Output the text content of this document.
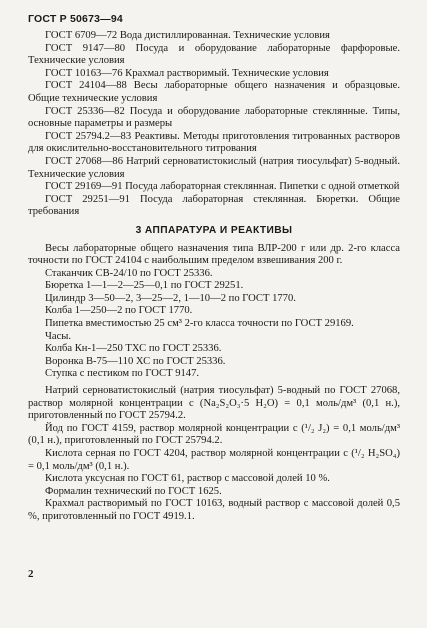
ГОСТ Р 50673—94

ГОСТ 6709—72 Вода дистиллированная. Технические условия

ГОСТ 9147—80 Посуда и оборудование лабораторные фарфоровые. Технические условия

ГОСТ 10163—76 Крахмал растворимый. Технические условия

ГОСТ 24104—88 Весы лабораторные общего назначения и образцовые. Общие технические условия

ГОСТ 25336—82 Посуда и оборудование лабораторные стеклянные. Типы, основные параметры и размеры

ГОСТ 25794.2—83 Реактивы. Методы приготовления титрованных растворов для окислительно-восстановительного титрования

ГОСТ 27068—86 Натрий серноватистокислый (натрия тиосульфат) 5-водный. Технические условия

ГОСТ 29169—91 Посуда лабораторная стеклянная. Пипетки с одной отметкой

ГОСТ 29251—91 Посуда лабораторная стеклянная. Бюретки. Общие требования

3 АППАРАТУРА И РЕАКТИВЫ

Весы лабораторные общего назначения типа ВЛР-200 г или др. 2-го класса точности по ГОСТ 24104 с наибольшим пределом взвешивания 200 г.

Стаканчик СВ-24/10 по ГОСТ 25336.

Бюретка 1—1—2—25—0,1 по ГОСТ 29251.

Цилиндр 3—50—2, 3—25—2, 1—10—2 по ГОСТ 1770.

Колба 1—250—2 по ГОСТ 1770.

Пипетка вместимостью 25 см³ 2-го класса точности по ГОСТ 29169.

Часы.

Колба Кн-1—250 ТХС по ГОСТ 25336.

Воронка В-75—110 ХС по ГОСТ 25336.

Ступка с пестиком по ГОСТ 9147.

Натрий серноватистокислый (натрия тиосульфат) 5-водный по ГОСТ 27068, раствор молярной концентрации с (Na₂S₂O₃·5 H₂O) = 0,1 моль/дм³ (0,1 н.), приготовленный по ГОСТ 25794.2.

Йод по ГОСТ 4159, раствор молярной концентрации с (¹/₂ J₂) = 0,1 моль/дм³ (0,1 н.), приготовленный по ГОСТ 25794.2.

Кислота серная по ГОСТ 4204, раствор молярной концентрации с (¹/₂ H₂SO₄) = 0,1 моль/дм³ (0,1 н.).

Кислота уксусная по ГОСТ 61, раствор с массовой долей 10 %.

Формалин технический по ГОСТ 1625.

Крахмал растворимый по ГОСТ 10163, водный раствор с массовой долей 0,5 %, приготовленный по ГОСТ 4919.1.

2
